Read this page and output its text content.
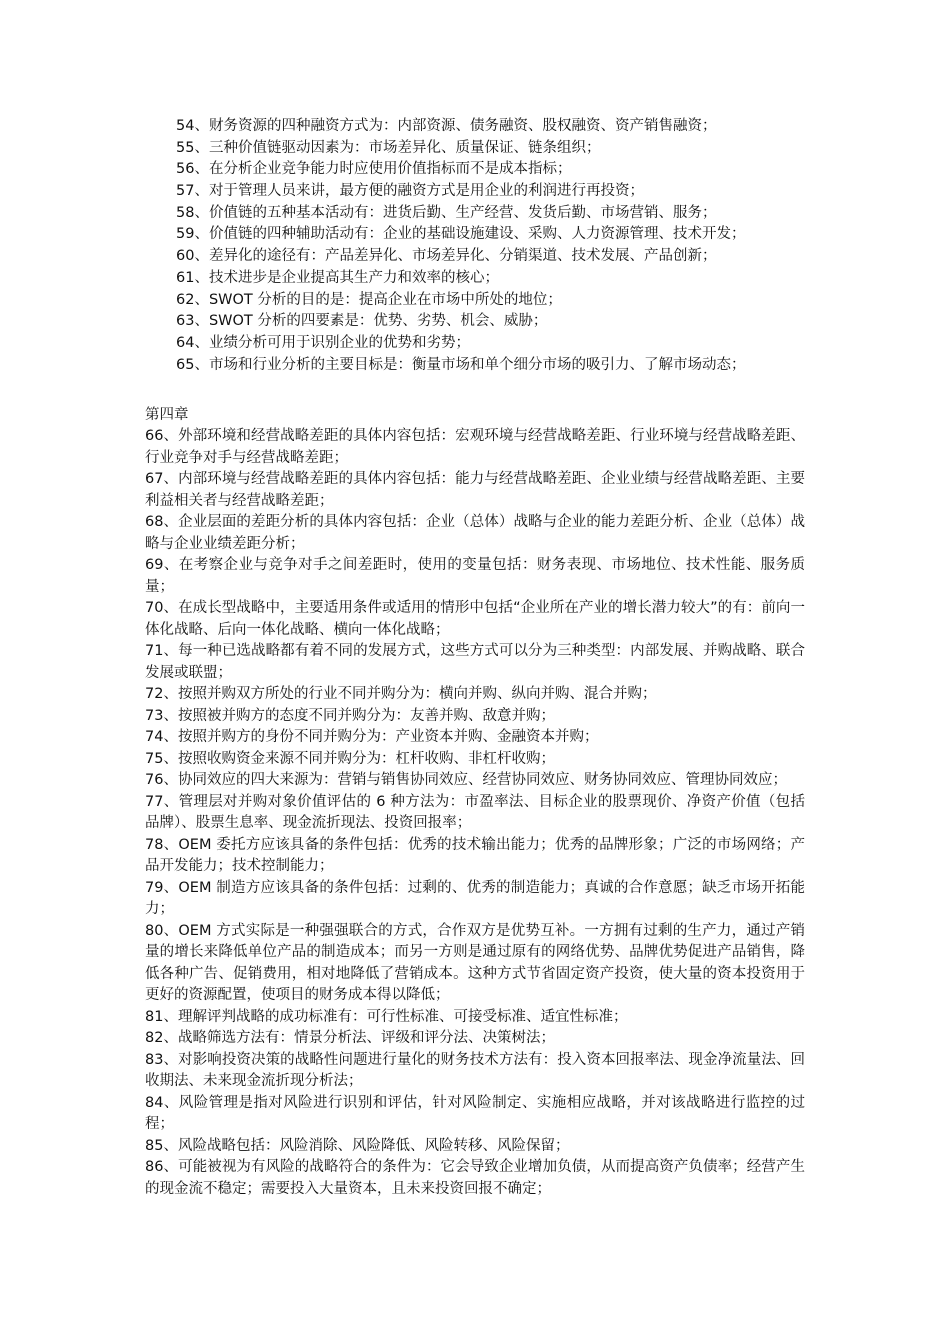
54、财务资源的四种融资方式为：内部资源、债务融资、股权融资、资产销售融资；
55、三种价值链驱动因素为：市场差异化、质量保证、链条组织；
56、在分析企业竞争能力时应使用价值指标而不是成本指标；
57、对于管理人员来讲，最方便的融资方式是用企业的利润进行再投资；
58、价值链的五种基本活动有：进货后勤、生产经营、发货后勤、市场营销、服务；
59、价值链的四种辅助活动有：企业的基础设施建设、采购、人力资源管理、技术开发；
60、差异化的途径有：产品差异化、市场差异化、分销渠道、技术发展、产品创新；
61、技术进步是企业提高其生产力和效率的核心；
62、SWOT 分析的目的是：提高企业在市场中所处的地位；
63、SWOT 分析的四要素是：优势、劣势、机会、威胁；
64、业绩分析可用于识别企业的优势和劣势；
65、市场和行业分析的主要目标是：衡量市场和单个细分市场的吸引力、了解市场动态；
第四章
66、外部环境和经营战略差距的具体内容包括：宏观环境与经营战略差距、行业环境与经营战略差距、行业竞争对手与经营战略差距；
67、内部环境与经营战略差距的具体内容包括：能力与经营战略差距、企业业绩与经营战略差距、主要利益相关者与经营战略差距；
68、企业层面的差距分析的具体内容包括：企业（总体）战略与企业的能力差距分析、企业（总体）战略与企业业绩差距分析；
69、在考察企业与竞争对手之间差距时，使用的变量包括：财务表现、市场地位、技术性能、服务质量；
70、在成长型战略中，主要适用条件或适用的情形中包括“企业所在产业的增长潜力较大”的有：前向一体化战略、后向一体化战略、横向一体化战略；
71、每一种已选战略都有着不同的发展方式，这些方式可以分为三种类型：内部发展、并购战略、联合发展或联盟；
72、按照并购双方所处的行业不同并购分为：横向并购、纵向并购、混合并购；
73、按照被并购方的态度不同并购分为：友善并购、敌意并购；
74、按照并购方的身份不同并购分为：产业资本并购、金融资本并购；
75、按照收购资金来源不同并购分为：杠杆收购、非杠杆收购；
76、协同效应的四大来源为：营销与销售协同效应、经营协同效应、财务协同效应、管理协同效应；
77、管理层对并购对象价值评估的 6 种方法为：市盈率法、目标企业的股票现价、净资产价值（包括品牌）、股票生息率、现金流折现法、投资回报率；
78、OEM 委托方应该具备的条件包括：优秀的技术输出能力；优秀的品牌形象；广泛的市场网络；产品开发能力；技术控制能力；
79、OEM 制造方应该具备的条件包括：过剩的、优秀的制造能力；真诚的合作意愿；缺乏市场开拓能力；
80、OEM 方式实际是一种强强联合的方式，合作双方是优势互补。一方拥有过剩的生产力，通过产销量的增长来降低单位产品的制造成本；而另一方则是通过原有的网络优势、品牌优势促进产品销售，降低各种广告、促销费用，相对地降低了营销成本。这种方式节省固定资产投资，使大量的资本投资用于更好的资源配置，使项目的财务成本得以降低；
81、理解评判战略的成功标准有：可行性标准、可接受标准、适宜性标准；
82、战略筛选方法有：情景分析法、评级和评分法、决策树法；
83、对影响投资决策的战略性问题进行量化的财务技术方法有：投入资本回报率法、现金净流量法、回收期法、未来现金流折现分析法；
84、风险管理是指对风险进行识别和评估，针对风险制定、实施相应战略，并对该战略进行监控的过程；
85、风险战略包括：风险消除、风险降低、风险转移、风险保留；
86、可能被视为有风险的战略符合的条件为：它会导致企业增加负债，从而提高资产负债率；经营产生的现金流不稳定；需要投入大量资本，且未来投资回报不确定；
